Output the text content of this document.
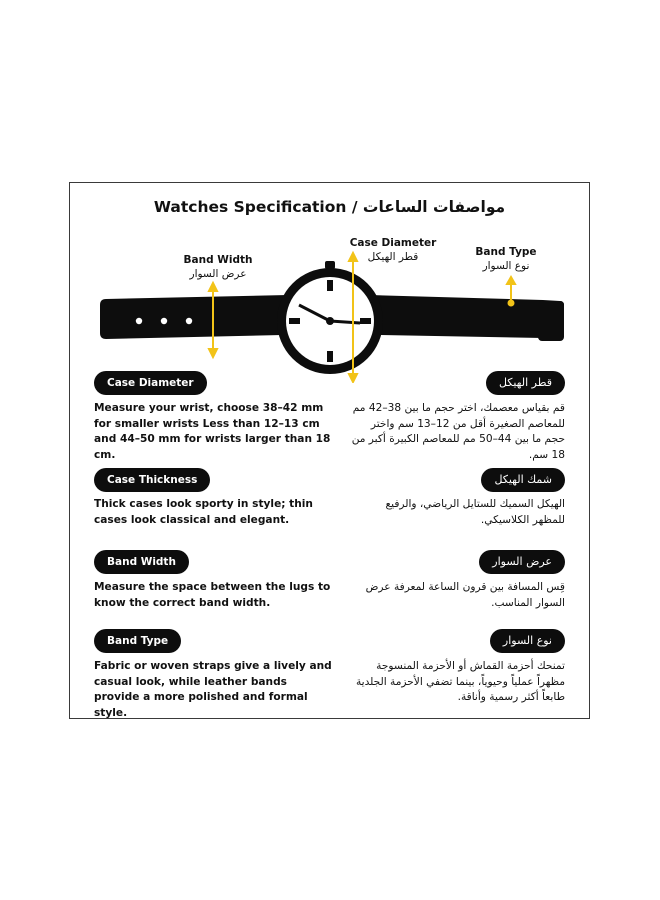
Watches Specification / مواصفات الساعات
Band Width
عرض السوار
Case Diameter
قطر الهيكل	Band Type
نوع السوار
Case Diameter	قطر الهيكل
Measure your wrist, choose 38–42 mm for smaller wrists Less than 12–13 cm and 44–50 mm for wrists larger than 18 cm.
قم بقياس معصمك، اختر حجم ما بين 38–42 مم للمعاصم الصغيرة أقل من 12–13 سم واختر حجم ما بين 44–50 مم للمعاصم الكبيرة أكبر من 18 سم.
Case Thickness	شمك الهيكل
Thick cases look sporty in style; thin cases look classical and elegant.
الهيكل السميك للستايل الرياضي، والرفيع للمظهر الكلاسيكي.
Band Width	عرض السوار
Measure the space between the lugs to know the correct band width.
قِس المسافة بين قرون الساعة لمعرفة عرض السوار المناسب.
Band Type	نوع السوار
Fabric or woven straps give a lively and casual look, while leather bands provide a more polished and formal style.
تمنحك أحزمة القماش أو الأحزمة المنسوجة مظهراً عملياً وحيوياً، بينما تضفي الأحزمة الجلدية طابعاً أكثر رسمية وأناقة.
